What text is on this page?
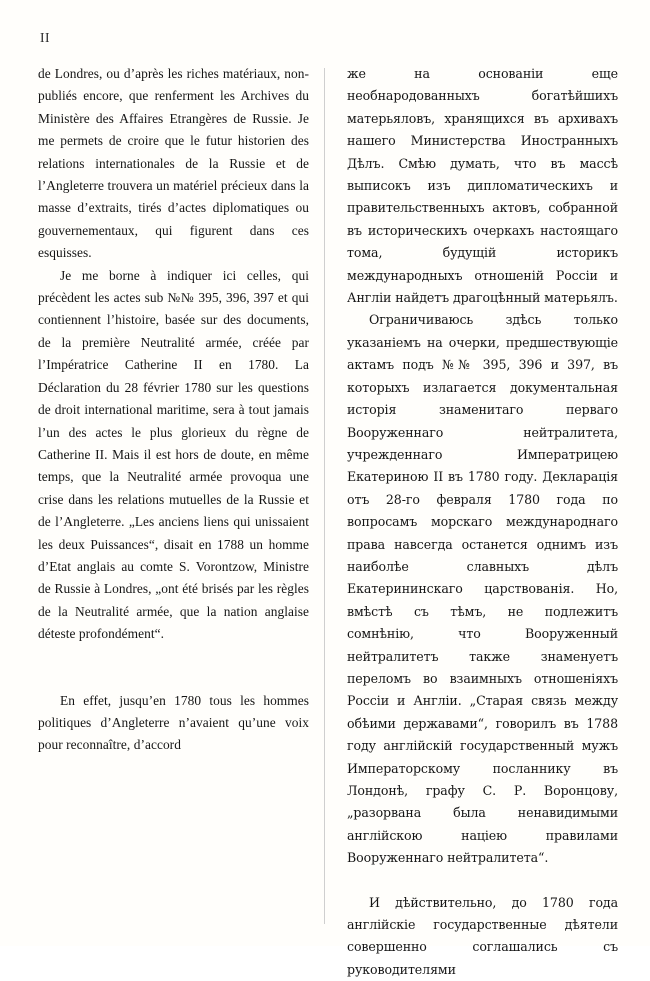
II

de Londres, ou d’après les riches matériaux, non-publiés encore, que renferment les Archives du Ministère des Affaires Etrangères de Russie. Je me permets de croire que le futur historien des relations internationales de la Russie et de l’Angleterre trouvera un matériel précieux dans la masse d’extraits, tirés d’actes diplomatiques ou gouvernementaux, qui figurent dans ces esquisses.

Je me borne à indiquer ici celles, qui précèdent les actes sub №№ 395, 396, 397 et qui contiennent l’histoire, basée sur des documents, de la première Neutralité armée, créée par l’Impératrice Catherine II en 1780. La Déclaration du 28 février 1780 sur les questions de droit international maritime, sera à tout jamais l’un des actes le plus glorieux du règne de Catherine II. Mais il est hors de doute, en même temps, que la Neutralité armée provoqua une crise dans les relations mutuelles de la Russie et de l’Angleterre. „Les anciens liens qui unissaient les deux Puissances“, disait en 1788 un homme d’Etat anglais au comte S. Vorontzow, Ministre de Russie à Londres, „ont été brisés par les règles de la Neutralité armée, que la nation anglaise déteste profondément“.

En effet, jusqu’en 1780 tous les hommes politiques d’Angleterre n’avaient qu’une voix pour reconnaître, d’accord

же на основаніи еще необнародованныхъ богатѣйшихъ матерьяловъ, хранящихся въ архивахъ нашего Министерства Иностранныхъ Дѣлъ. Смѣю думать, что въ массѣ выписокъ изъ дипломатическихъ и правительственныхъ актовъ, собранной въ историческихъ очеркахъ настоящаго тома, будущій историкъ международныхъ отношеній Россіи и Англіи найдетъ драгоцѣнный матерьялъ.

Ограничиваюсь здѣсь только указаніемъ на очерки, предшествующіе актамъ подъ №№ 395, 396 и 397, въ которыхъ излагается документальная исторія знаменитаго перваго Вооруженнаго нейтралитета, учрежденнаго Императрицею Екатериною II въ 1780 году. Декларація отъ 28-го февраля 1780 года по вопросамъ морскаго международнаго права навсегда останется однимъ изъ наиболѣе славныхъ дѣлъ Екатерининскаго царствованія. Но, вмѣстѣ съ тѣмъ, не подлежитъ сомнѣнію, что Вооруженный нейтралитетъ также знаменуетъ переломъ во взаимныхъ отношеніяхъ Россіи и Англіи. „Старая связь между обѣими державами“, говорилъ въ 1788 году англійскій государственный мужъ Императорскому посланнику въ Лондонѣ, графу С. Р. Воронцову, „разорвана была ненавидимыми англійскою націею правилами Вооруженнаго нейтралитета“.

И дѣйствительно, до 1780 года англійскіе государственные дѣятели совершенно соглашались съ руководителями
